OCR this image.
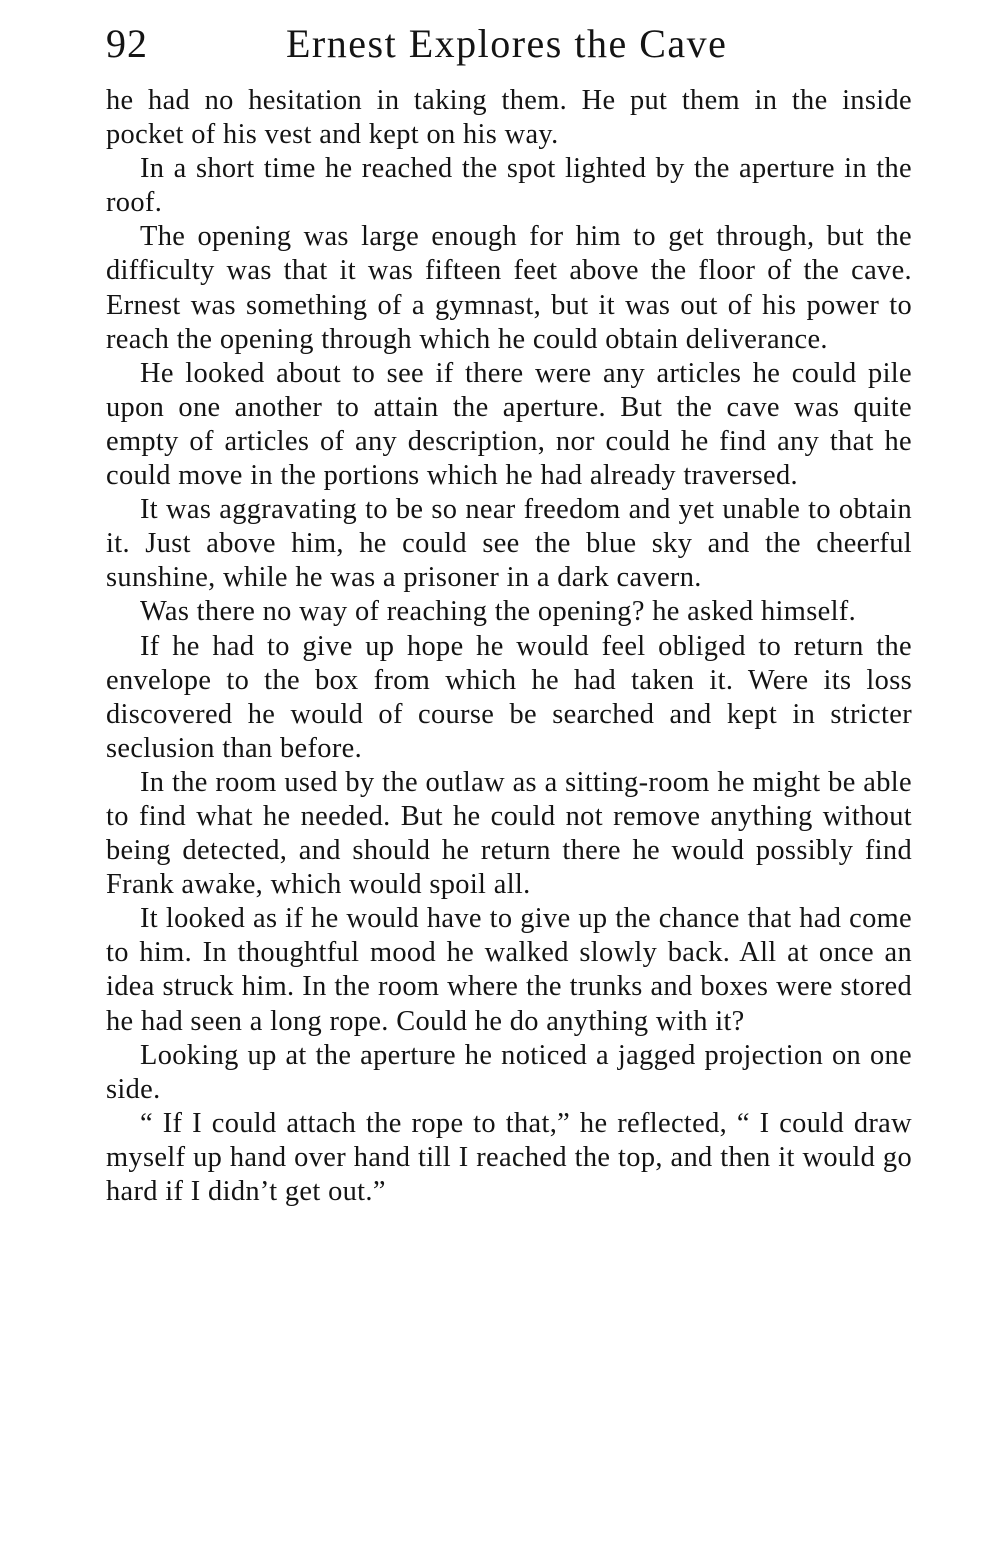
92	Ernest Explores the Cave

he had no hesitation in taking them. He put them in the inside pocket of his vest and kept on his way.

In a short time he reached the spot lighted by the aperture in the roof.

The opening was large enough for him to get through, but the difficulty was that it was fifteen feet above the floor of the cave. Ernest was something of a gymnast, but it was out of his power to reach the opening through which he could obtain deliverance.

He looked about to see if there were any articles he could pile upon one another to attain the aperture. But the cave was quite empty of articles of any description, nor could he find any that he could move in the portions which he had already traversed.

It was aggravating to be so near freedom and yet unable to obtain it. Just above him, he could see the blue sky and the cheerful sunshine, while he was a prisoner in a dark cavern.

Was there no way of reaching the opening? he asked himself.

If he had to give up hope he would feel obliged to return the envelope to the box from which he had taken it. Were its loss discovered he would of course be searched and kept in stricter seclusion than before.

In the room used by the outlaw as a sitting-room he might be able to find what he needed. But he could not remove anything without being detected, and should he return there he would possibly find Frank awake, which would spoil all.

It looked as if he would have to give up the chance that had come to him. In thoughtful mood he walked slowly back. All at once an idea struck him. In the room where the trunks and boxes were stored he had seen a long rope. Could he do anything with it?

Looking up at the aperture he noticed a jagged projection on one side.

“ If I could attach the rope to that,” he reflected, “ I could draw myself up hand over hand till I reached the top, and then it would go hard if I didn’t get out.”
